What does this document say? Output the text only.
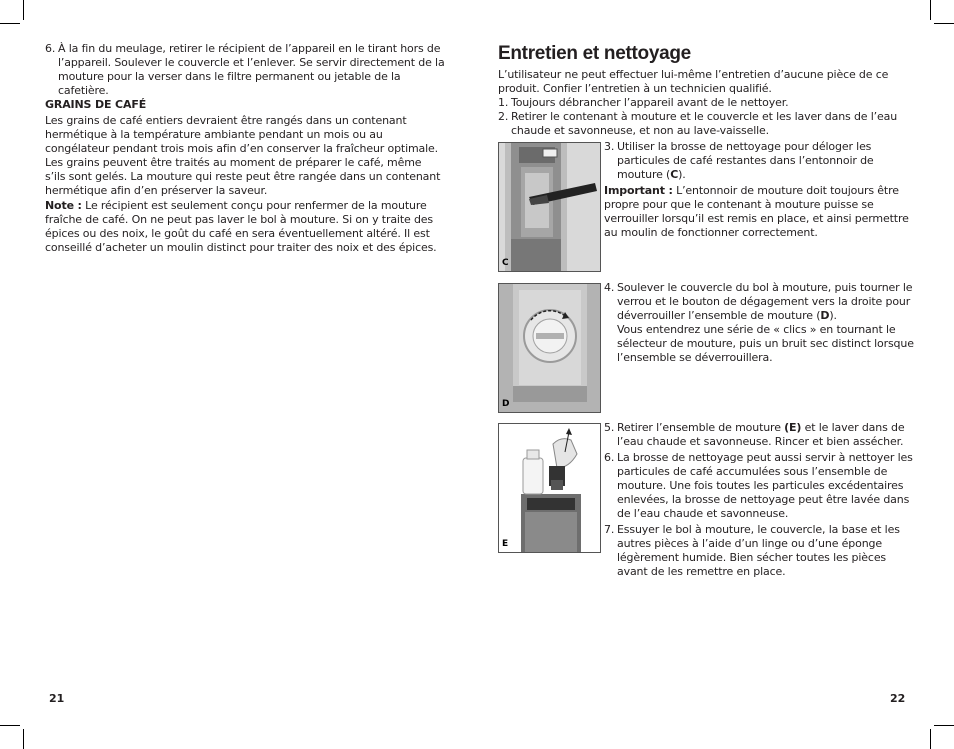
6. À la fin du meulage, retirer le récipient de l’appareil en le tirant hors de l’appareil. Soulever le couvercle et l’enlever. Se servir directement de la mouture pour la verser dans le filtre permanent ou jetable de la cafetière.

GRAINS DE CAFÉ

Les grains de café entiers devraient être rangés dans un contenant hermétique à la température ambiante pendant un mois ou au congélateur pendant trois mois afin d’en conserver la fraîcheur optimale. Les grains peuvent être traités au moment de préparer le café, même s’ils sont gelés. La mouture qui reste peut être rangée dans un contenant hermétique afin d’en préserver la saveur.

Note : Le récipient est seulement conçu pour renfermer de la mouture fraîche de café. On ne peut pas laver le bol à mouture. Si on y traite des épices ou des noix, le goût du café en sera éventuellement altéré. Il est conseillé d’acheter un moulin distinct pour traiter des noix et des épices.

21
Entretien et nettoyage

L’utilisateur ne peut effectuer lui-même l’entretien d’aucune pièce de ce produit. Confier l’entretien à un technicien qualifié.

1. Toujours débrancher l’appareil avant de le nettoyer.
2. Retirer le contenant à mouture et le couvercle et les laver dans de l’eau chaude et savonneuse, et non au lave-vaisselle.
C
3. Utiliser la brosse de nettoyage pour déloger les particules de café restantes dans l’entonnoir de mouture (C).

Important : L’entonnoir de mouture doit toujours être propre pour que le contenant à mouture puisse se verrouiller lorsqu’il est remis en place, et ainsi permettre au moulin de fonctionner correctement.

D
4. Soulever le couvercle du bol à mouture, puis tourner le verrou et le bouton de dégagement vers la droite pour déverrouiller l’ensemble de mouture (D).

Vous entendrez une série de « clics » en tournant le sélecteur de mouture, puis un bruit sec distinct lorsque l’ensemble se déverrouillera.

E
5. Retirer l’ensemble de mouture (E) et le laver dans de l’eau chaude et savonneuse. Rincer et bien assécher.
6. La brosse de nettoyage peut aussi servir à nettoyer les particules de café accumulées sous l’ensemble de mouture. Une fois toutes les particules excédentaires enlevées, la brosse de nettoyage peut être lavée dans de l’eau chaude et savonneuse.
7. Essuyer le bol à mouture, le couvercle, la base et les autres pièces à l’aide d’un linge ou d’une éponge légèrement humide. Bien sécher toutes les pièces avant de les remettre en place.
22
